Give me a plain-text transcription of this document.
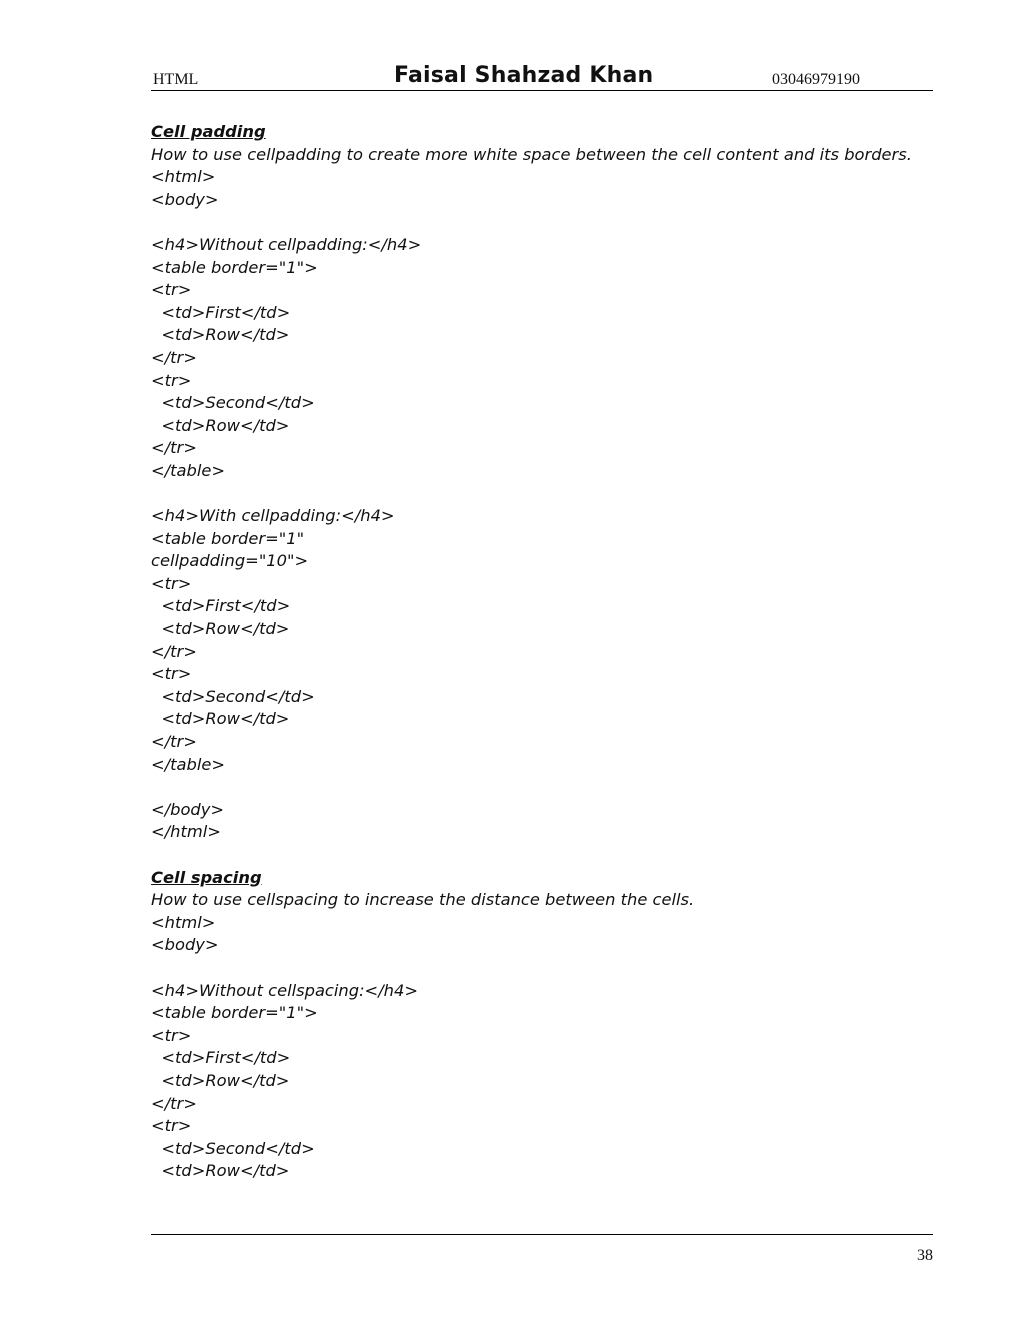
HTML	Faisal Shahzad Khan	03046979190
Cell padding
How to use cellpadding to create more white space between the cell content and its borders.
<html>
<body>
<h4>Without cellpadding:</h4>
<table border="1">
<tr>
<td>First</td>
<td>Row</td>
</tr>
<tr>
<td>Second</td>
<td>Row</td>
</tr>
</table>
<h4>With cellpadding:</h4>
<table border="1"
cellpadding="10">
<tr>
<td>First</td>
<td>Row</td>
</tr>
<tr>
<td>Second</td>
<td>Row</td>
</tr>
</table>
</body>
</html>
Cell spacing
How to use cellspacing to increase the distance between the cells.
<html>
<body>
<h4>Without cellspacing:</h4>
<table border="1">
<tr>
<td>First</td>
<td>Row</td>
</tr>
<tr>
<td>Second</td>
<td>Row</td>
38
